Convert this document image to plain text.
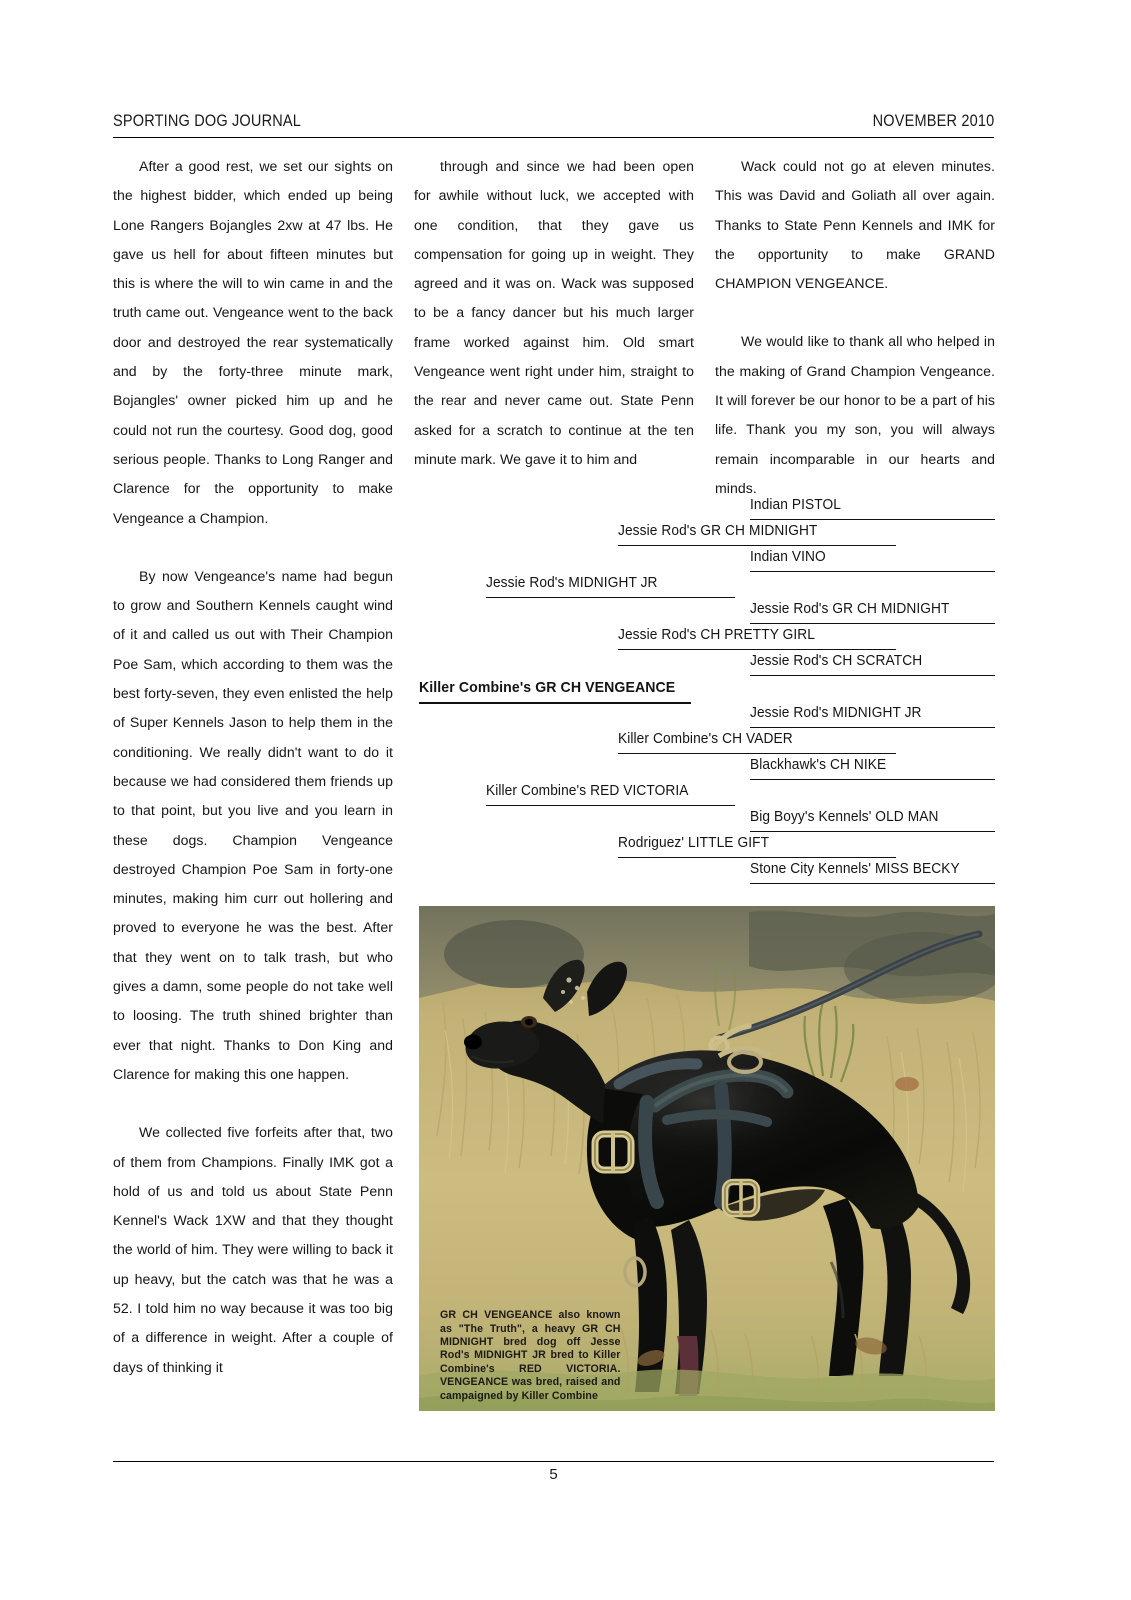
SPORTING DOG JOURNAL	NOVEMBER 2010

After a good rest, we set our sights on the highest bidder, which ended up being Lone Rangers Bojangles 2xw at 47 lbs. He gave us hell for about fifteen minutes but this is where the will to win came in and the truth came out. Vengeance went to the back door and destroyed the rear systematically and by the forty-three minute mark, Bojangles' owner picked him up and he could not run the courtesy. Good dog, good serious people. Thanks to Long Ranger and Clarence for the opportunity to make Vengeance a Champion.

By now Vengeance's name had begun to grow and Southern Kennels caught wind of it and called us out with Their Champion Poe Sam, which according to them was the best forty-seven, they even enlisted the help of Super Kennels Jason to help them in the conditioning. We really didn't want to do it because we had considered them friends up to that point, but you live and you learn in these dogs. Champion Vengeance destroyed Champion Poe Sam in forty-one minutes, making him curr out hollering and proved to everyone he was the best. After that they went on to talk trash, but who gives a damn, some people do not take well to loosing. The truth shined brighter than ever that night. Thanks to Don King and Clarence for making this one happen.

We collected five forfeits after that, two of them from Champions. Finally IMK got a hold of us and told us about State Penn Kennel's Wack 1XW and that they thought the world of him. They were willing to back it up heavy, but the catch was that he was a 52. I told him no way because it was too big of a difference in weight. After a couple of days of thinking it

through and since we had been open for awhile without luck, we accepted with one condition, that they gave us compensation for going up in weight. They agreed and it was on. Wack was supposed to be a fancy dancer but his much larger frame worked against him. Old smart Vengeance went right under him, straight to the rear and never came out. State Penn asked for a scratch to continue at the ten minute mark. We gave it to him and

Wack could not go at eleven minutes. This was David and Goliath all over again. Thanks to State Penn Kennels and IMK for the opportunity to make GRAND CHAMPION VENGEANCE.

We would like to thank all who helped in the making of Grand Champion Vengeance. It will forever be our honor to be a part of his life. Thank you my son, you will always remain incomparable in our hearts and minds.

Indian PISTOL
Jessie Rod's GR CH MIDNIGHT
Indian VINO
Jessie Rod's MIDNIGHT JR
Jessie Rod's GR CH MIDNIGHT
Jessie Rod's CH PRETTY GIRL
Jessie Rod's CH SCRATCH
Killer Combine's GR CH VENGEANCE
Jessie Rod's MIDNIGHT JR
Killer Combine's CH VADER
Blackhawk's CH NIKE
Killer Combine's RED VICTORIA
Big Boyy's Kennels' OLD MAN
Rodriguez' LITTLE GIFT
Stone City Kennels' MISS BECKY
GR CH VENGEANCE also known as "The Truth", a heavy GR CH MIDNIGHT bred dog off Jesse Rod's MIDNIGHT JR bred to Killer Combine's RED VICTORIA. VENGEANCE was bred, raised and campaigned by Killer Combine
5
